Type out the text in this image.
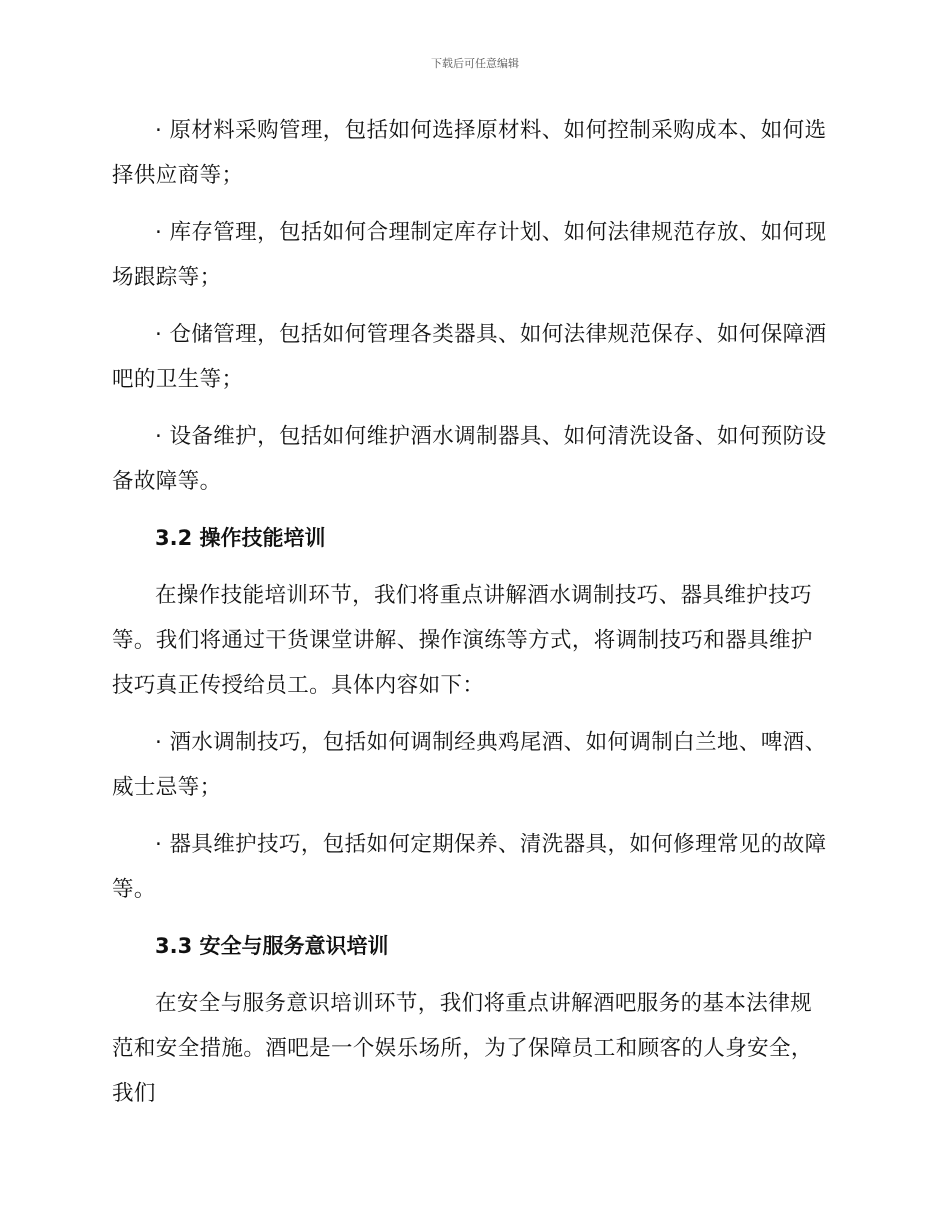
下载后可任意编辑

· 原材料采购管理，包括如何选择原材料、如何控制采购成本、如何选择供应商等；

· 库存管理，包括如何合理制定库存计划、如何法律规范存放、如何现场跟踪等；

· 仓储管理，包括如何管理各类器具、如何法律规范保存、如何保障酒吧的卫生等；

· 设备维护，包括如何维护酒水调制器具、如何清洗设备、如何预防设备故障等。

3.2 操作技能培训

在操作技能培训环节，我们将重点讲解酒水调制技巧、器具维护技巧等。我们将通过干货课堂讲解、操作演练等方式，将调制技巧和器具维护技巧真正传授给员工。具体内容如下：

· 酒水调制技巧，包括如何调制经典鸡尾酒、如何调制白兰地、啤酒、威士忌等；

· 器具维护技巧，包括如何定期保养、清洗器具，如何修理常见的故障等。

3.3 安全与服务意识培训

在安全与服务意识培训环节，我们将重点讲解酒吧服务的基本法律规范和安全措施。酒吧是一个娱乐场所，为了保障员工和顾客的人身安全，我们
